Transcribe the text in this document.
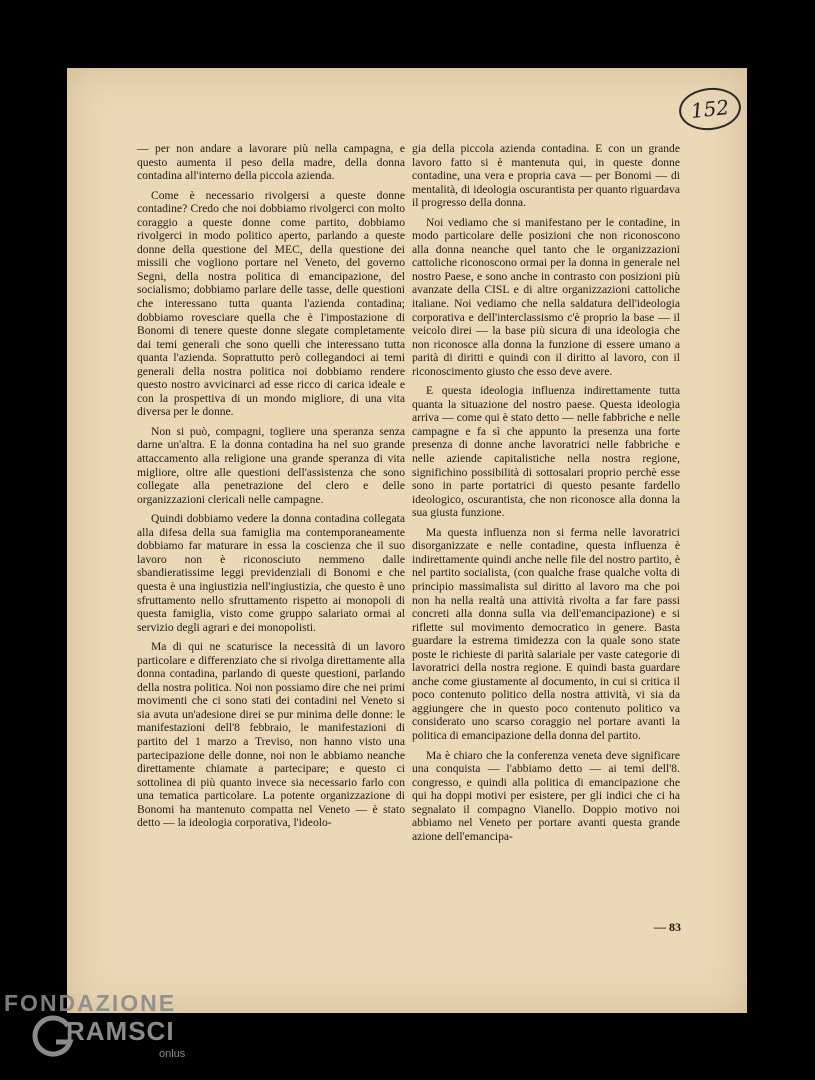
152

— per non andare a lavorare più nella campagna, e questo aumenta il peso della madre, della donna contadina all'interno della piccola azienda.

Come è necessario rivolgersi a queste donne contadine? Credo che noi dobbiamo rivolgerci con molto coraggio a queste donne come partito, dobbiamo rivolgerci in modo politico aperto, parlando a queste donne della questione del MEC, della questione dei missili che vogliono portare nel Veneto, del governo Segni, della nostra politica di emancipazione, del socialismo; dobbiamo parlare delle tasse, delle questioni che interessano tutta quanta l'azienda contadina; dobbiamo rovesciare quella che è l'impostazione di Bonomi di tenere queste donne slegate completamente dai temi generali che sono quelli che interessano tutta quanta l'azienda. Soprattutto però collegandoci ai temi generali della nostra politica noi dobbiamo rendere questo nostro avvicinarci ad esse ricco di carica ideale e con la prospettiva di un mondo migliore, di una vita diversa per le donne.

Non si può, compagni, togliere una speranza senza darne un'altra. E la donna contadina ha nel suo grande attaccamento alla religione una grande speranza di vita migliore, oltre alle questioni dell'assistenza che sono collegate alla penetrazione del clero e delle organizzazioni clericali nelle campagne.

Quindi dobbiamo vedere la donna contadina collegata alla difesa della sua famiglia ma contemporaneamente dobbiamo far maturare in essa la coscienza che il suo lavoro non è riconosciuto nemmeno dalle sbandieratissime leggi previdenziali di Bonomi e che questa è una ingiustizia nell'ingiustizia, che questo è uno sfruttamento nello sfruttamento rispetto ai monopoli di questa famiglia, visto come gruppo salariato ormai al servizio degli agrari e dei monopolisti.

Ma di qui ne scaturisce la necessità di un lavoro particolare e differenziato che si rivolga direttamente alla donna contadina, parlando di queste questioni, parlando della nostra politica. Noi non possiamo dire che nei primi movimenti che ci sono stati dei contadini nel Veneto si sia avuta un'adesione direi se pur minima delle donne: le manifestazioni dell'8 febbraio, le manifestazioni di partito del 1 marzo a Treviso, non hanno visto una partecipazione delle donne, noi non le abbiamo neanche direttamente chiamate a partecipare; e questo ci sottolinea di più quanto invece sia necessario farlo con una tematica particolare. La potente organizzazione di Bonomi ha mantenuto compatta nel Veneto — è stato detto — la ideologia corporativa, l'ideolo-

gia della piccola azienda contadina. E con un grande lavoro fatto si è mantenuta qui, in queste donne contadine, una vera e propria cava — per Bonomi — di mentalità, di ideologia oscurantista per quanto riguardava il progresso della donna.

Noi vediamo che si manifestano per le contadine, in modo particolare delle posizioni che non riconoscono alla donna neanche quel tanto che le organizzazioni cattoliche riconoscono ormai per la donna in generale nel nostro Paese, e sono anche in contrasto con posizioni più avanzate della CISL e di altre organizzazioni cattoliche italiane. Noi vediamo che nella saldatura dell'ideologia corporativa e dell'interclassismo c'è proprio la base — il veicolo direi — la base più sicura di una ideologia che non riconosce alla donna la funzione di essere umano a parità di diritti e quindi con il diritto al lavoro, con il riconoscimento giusto che esso deve avere.

E questa ideologia influenza indirettamente tutta quanta la situazione del nostro paese. Questa ideologia arriva — come qui è stato detto — nelle fabbriche e nelle campagne e fa sì che appunto la presenza una forte presenza di donne anche lavoratrici nelle fabbriche e nelle aziende capitalistiche nella nostra regione, significhino possibilità di sottosalari proprio perchè esse sono in parte portatrici di questo pesante fardello ideologico, oscurantista, che non riconosce alla donna la sua giusta funzione.

Ma questa influenza non si ferma nelle lavoratrici disorganizzate e nelle contadine, questa influenza è indirettamente quindi anche nelle file del nostro partito, è nel partito socialista, (con qualche frase qualche volta di principio massimalista sul diritto al lavoro ma che poi non ha nella realtà una attività rivolta a far fare passi concreti alla donna sulla via dell'emancipazione) e si riflette sul movimento democratico in genere. Basta guardare la estrema timidezza con la quale sono state poste le richieste di parità salariale per vaste categorie di lavoratrici della nostra regione. E quindi basta guardare anche come giustamente al documento, in cui si critica il poco contenuto politico della nostra attività, vi sia da aggiungere che in questo poco contenuto politico va considerato uno scarso coraggio nel portare avanti la politica di emancipazione della donna del partito.

Ma è chiaro che la conferenza veneta deve significare una conquista — l'abbiamo detto — ai temi dell'8. congresso, e quindi alla politica di emancipazione che qui ha doppi motivi per esistere, per gli indici che ci ha segnalato il compagno Vianello. Doppio motivo noi abbiamo nel Veneto per portare avanti questa grande azione dell'emancipa-

— 83
FONDAZIONE
RAMSCI
onlus
